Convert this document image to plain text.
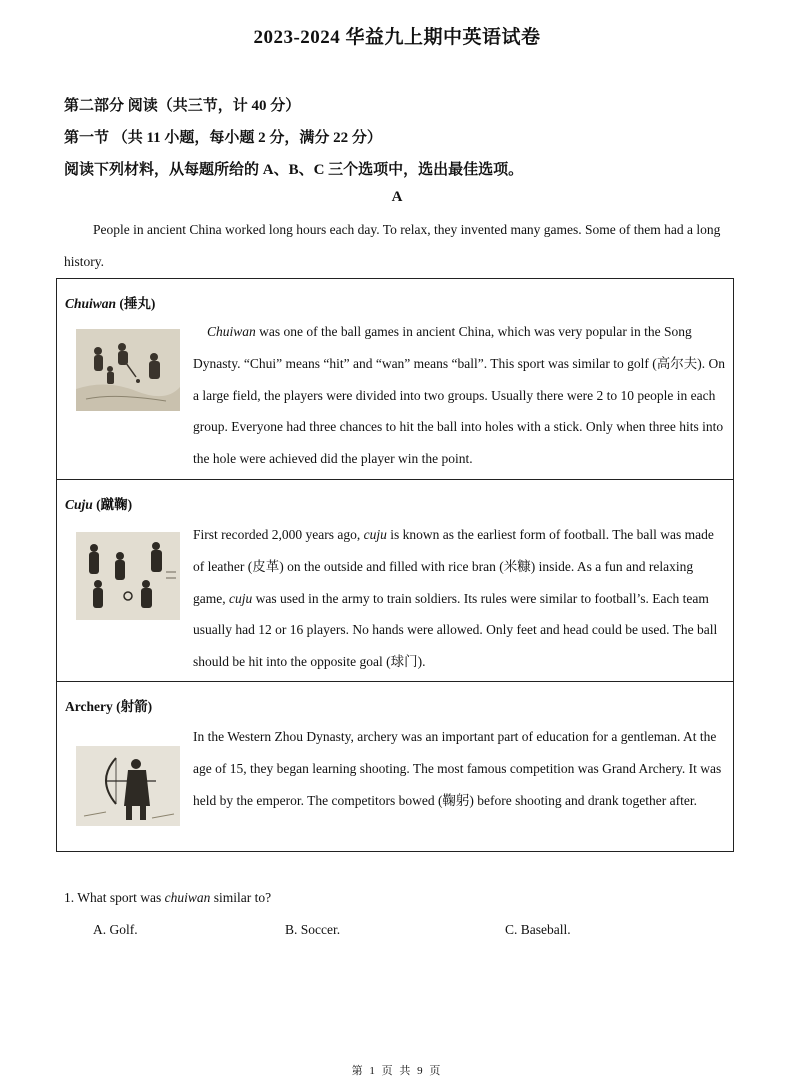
2023-2024 华益九上期中英语试卷
第二部分 阅读（共三节，计 40 分）
第一节 （共 11 小题，每小题 2 分，满分 22 分）
阅读下列材料，从每题所给的 A、B、C 三个选项中，选出最佳选项。
A
People in ancient China worked long hours each day. To relax, they invented many games. Some of them had a long history.
Chuiwan (捶丸)
Chuiwan was one of the ball games in ancient China, which was very popular in the Song Dynasty. “Chui” means “hit” and “wan” means “ball”. This sport was similar to golf (高尔夫). On a large field, the players were divided into two groups. Usually there were 2 to 10 people in each group. Everyone had three chances to hit the ball into holes with a stick. Only when three hits into the hole were achieved did the player win the point.
Cuju (蹴鞠)
First recorded 2,000 years ago, cuju is known as the earliest form of football. The ball was made of leather (皮革) on the outside and filled with rice bran (米糠) inside. As a fun and relaxing game, cuju was used in the army to train soldiers. Its rules were similar to football’s. Each team usually had 12 or 16 players. No hands were allowed. Only feet and head could be used. The ball should be hit into the opposite goal (球门).
Archery (射箭)
In the Western Zhou Dynasty, archery was an important part of education for a gentleman. At the age of 15, they began learning shooting. The most famous competition was Grand Archery. It was held by the emperor. The competitors bowed (鞠躬) before shooting and drank together after.
1. What sport was chuiwan similar to?
A. Golf.	B. Soccer.	C. Baseball.
第 1 页 共 9 页
